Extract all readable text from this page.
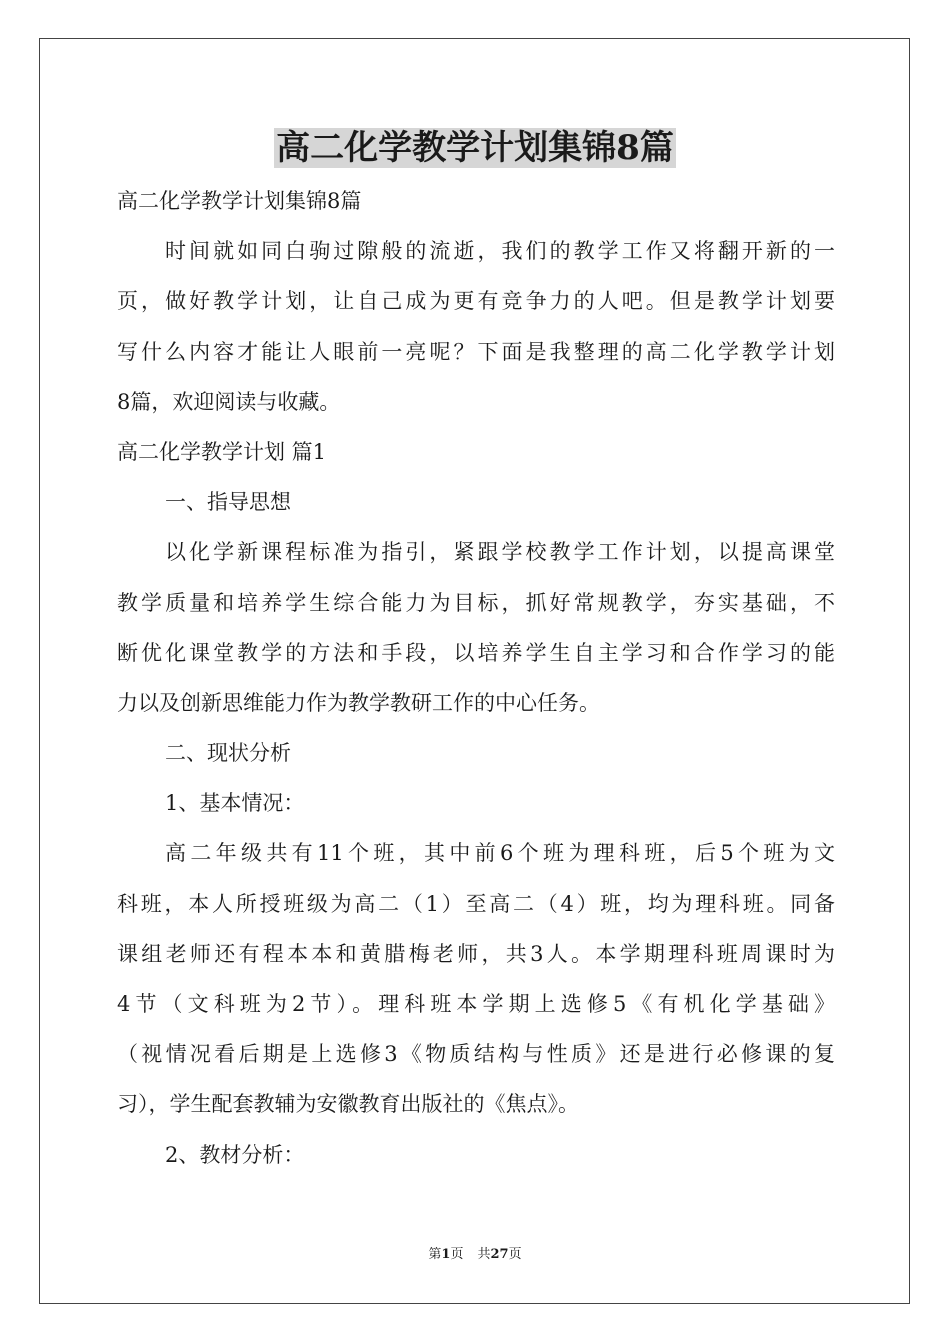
高二化学教学计划集锦8篇

高二化学教学计划集锦8篇

时间就如同白驹过隙般的流逝，我们的教学工作又将翻开新的一

页，做好教学计划，让自己成为更有竞争力的人吧。但是教学计划要

写什么内容才能让人眼前一亮呢？下面是我整理的高二化学教学计划

8篇，欢迎阅读与收藏。

高二化学教学计划 篇1

一、指导思想

以化学新课程标准为指引，紧跟学校教学工作计划，以提高课堂

教学质量和培养学生综合能力为目标，抓好常规教学，夯实基础，不

断优化课堂教学的方法和手段，以培养学生自主学习和合作学习的能

力以及创新思维能力作为教学教研工作的中心任务。

二、现状分析

1、基本情况：

高二年级共有11个班，其中前6个班为理科班，后5个班为文

科班，本人所授班级为高二（1）至高二（4）班，均为理科班。同备

课组老师还有程本本和黄腊梅老师，共3人。本学期理科班周课时为

4节（文科班为2节）。理科班本学期上选修5《有机化学基础》

（视情况看后期是上选修3《物质结构与性质》还是进行必修课的复

习），学生配套教辅为安徽教育出版社的《焦点》。

2、教材分析：

第1页 共27页
